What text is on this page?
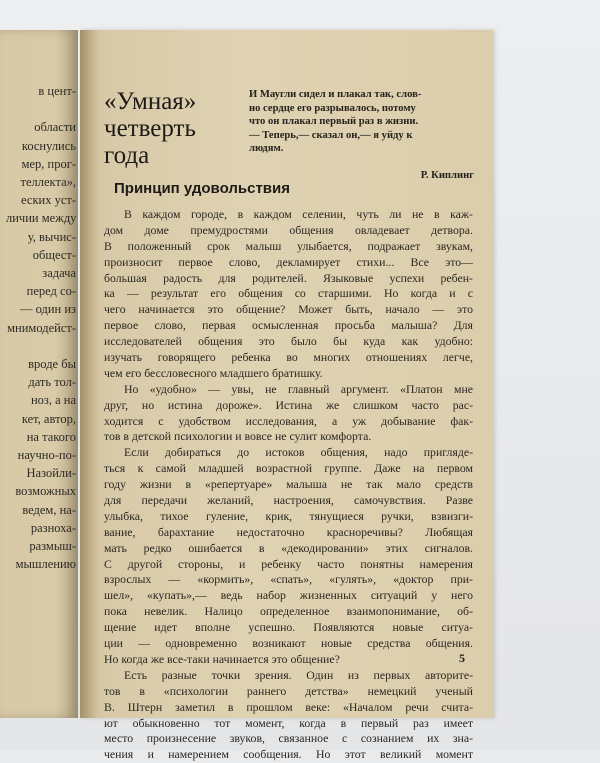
в цент-
области
коснулись
мер, прог-
теллекта»,
еских уст-
личии между
у, вычис-
общест-
задача
перед со-
— один из
мнимодейст-
вроде бы
дать тол-
ноз, а на
кет, автор,
на такого
научно-по-
Назойли-
возможных
ведем, на-
разноха-
размыш-
мышлению
«Умная»
четверть
года
И Маугли сидел и плакал так, слов-
но сердце его разрывалось, потому
что он плакал первый раз в жизни.
— Теперь,— сказал он,— я уйду к
людям.
Р. Киплинг
Принцип удовольствия
В каждом городе, в каждом селении, чуть ли не в каж-
дом доме премудростями общения овладевает детвора.
В положенный срок малыш улыбается, подражает звукам,
произносит первое слово, декламирует стихи... Все это—
большая радость для родителей. Языковые успехи ребен-
ка — результат его общения со старшими. Но когда и с
чего начинается это общение? Может быть, начало — это
первое слово, первая осмысленная просьба малыша? Для
исследователей общения это было бы куда как удобно:
изучать говорящего ребенка во многих отношениях легче,
чем его бессловесного младшего братишку.
Но «удобно» — увы, не главный аргумент. «Платон мне
друг, но истина дороже». Истина же слишком часто рас-
ходится с удобством исследования, а уж добывание фак-
тов в детской психологии и вовсе не сулит комфорта.
Если добираться до истоков общения, надо пригляде-
ться к самой младшей возрастной группе. Даже на первом
году жизни в «репертуаре» малыша не так мало средств
для передачи желаний, настроения, самочувствия. Разве
улыбка, тихое гуление, крик, тянущиеся ручки, взвизги-
вание, барахтание недостаточно красноречивы? Любящая
мать редко ошибается в «декодировании» этих сигналов.
С другой стороны, и ребенку часто понятны намерения
взрослых — «кормить», «спать», «гулять», «доктор при-
шел», «купать»,— ведь набор жизненных ситуаций у него
пока невелик. Налицо определенное взаимопонимание, об-
щение идет вполне успешно. Появляются новые ситуа-
ции — одновременно возникают новые средства общения.
Но когда же все-таки начинается это общение?
Есть разные точки зрения. Один из первых авторите-
тов в «психологии раннего детства» немецкий ученый
В. Штерн заметил в прошлом веке: «Началом речи счита-
ют обыкновенно тот момент, когда в первый раз имеет
место произнесение звуков, связанное с сознанием их зна-
чения и намерением сообщения. Но этот великий момент
5
